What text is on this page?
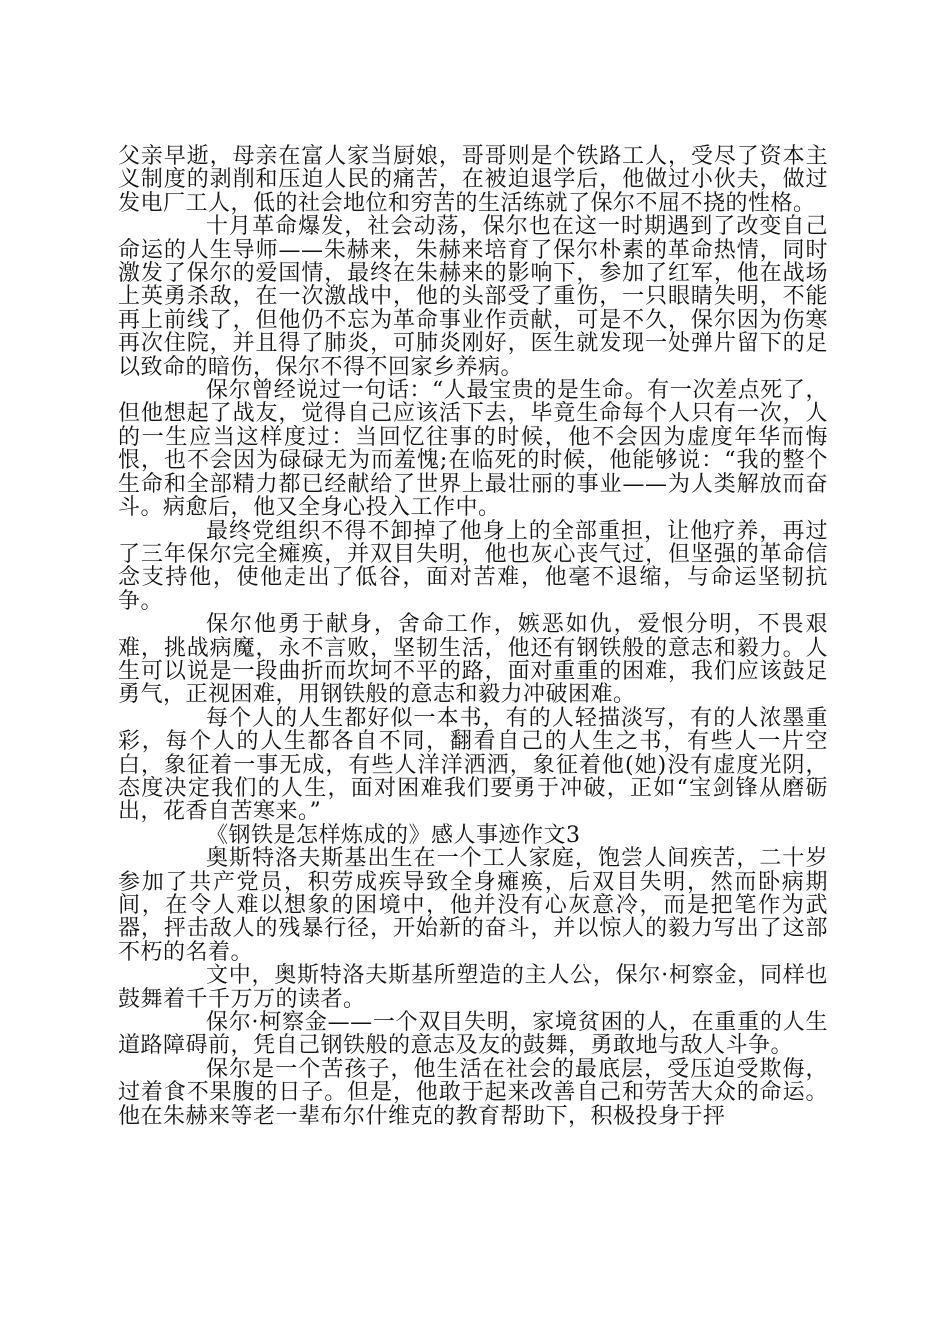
父亲早逝，母亲在富人家当厨娘，哥哥则是个铁路工人，受尽了资本主义制度的剥削和压迫人民的痛苦，在被迫退学后，他做过小伙夫，做过发电厂工人，低的社会地位和穷苦的生活练就了保尔不屈不挠的性格。

十月革命爆发，社会动荡，保尔也在这一时期遇到了改变自己命运的人生导师——朱赫来，朱赫来培育了保尔朴素的革命热情，同时激发了保尔的爱国情，最终在朱赫来的影响下，参加了红军，他在战场上英勇杀敌，在一次激战中，他的头部受了重伤，一只眼睛失明，不能再上前线了，但他仍不忘为革命事业作贡献，可是不久，保尔因为伤寒再次住院，并且得了肺炎，可肺炎刚好，医生就发现一处弹片留下的足以致命的暗伤，保尔不得不回家乡养病。

保尔曾经说过一句话：“人最宝贵的是生命。有一次差点死了，但他想起了战友，觉得自己应该活下去，毕竟生命每个人只有一次，人的一生应当这样度过：当回忆往事的时候，他不会因为虚度年华而悔恨，也不会因为碌碌无为而羞愧;在临死的时候，他能够说：“我的整个生命和全部精力都已经献给了世界上最壮丽的事业——为人类解放而奋斗。病愈后，他又全身心投入工作中。

最终党组织不得不卸掉了他身上的全部重担，让他疗养，再过了三年保尔完全瘫痪，并双目失明，他也灰心丧气过，但坚强的革命信念支持他，使他走出了低谷，面对苦难，他毫不退缩，与命运坚韧抗争。

保尔他勇于献身，舍命工作，嫉恶如仇，爱恨分明，不畏艰难，挑战病魔，永不言败，坚韧生活，他还有钢铁般的意志和毅力。人生可以说是一段曲折而坎坷不平的路，面对重重的困难，我们应该鼓足勇气，正视困难，用钢铁般的意志和毅力冲破困难。

每个人的人生都好似一本书，有的人轻描淡写，有的人浓墨重彩，每个人的人生都各自不同，翻看自己的人生之书，有些人一片空白，象征着一事无成，有些人洋洋洒洒，象征着他(她)没有虚度光阴，态度决定我们的人生，面对困难我们要勇于冲破，正如“宝剑锋从磨砺出，花香自苦寒来。”

《钢铁是怎样炼成的》感人事迹作文3

奥斯特洛夫斯基出生在一个工人家庭，饱尝人间疾苦，二十岁参加了共产党员，积劳成疾导致全身瘫痪，后双目失明，然而卧病期间，在令人难以想象的困境中，他并没有心灰意冷，而是把笔作为武器，抨击敌人的残暴行径，开始新的奋斗，并以惊人的毅力写出了这部不朽的名着。

文中，奥斯特洛夫斯基所塑造的主人公，保尔·柯察金，同样也鼓舞着千千万万的读者。

保尔·柯察金——一个双目失明，家境贫困的人，在重重的人生道路障碍前，凭自己钢铁般的意志及友的鼓舞，勇敢地与敌人斗争。

保尔是一个苦孩子，他生活在社会的最底层，受压迫受欺侮，过着食不果腹的日子。但是，他敢于起来改善自己和劳苦大众的命运。他在朱赫来等老一辈布尔什维克的教育帮助下，积极投身于抨
